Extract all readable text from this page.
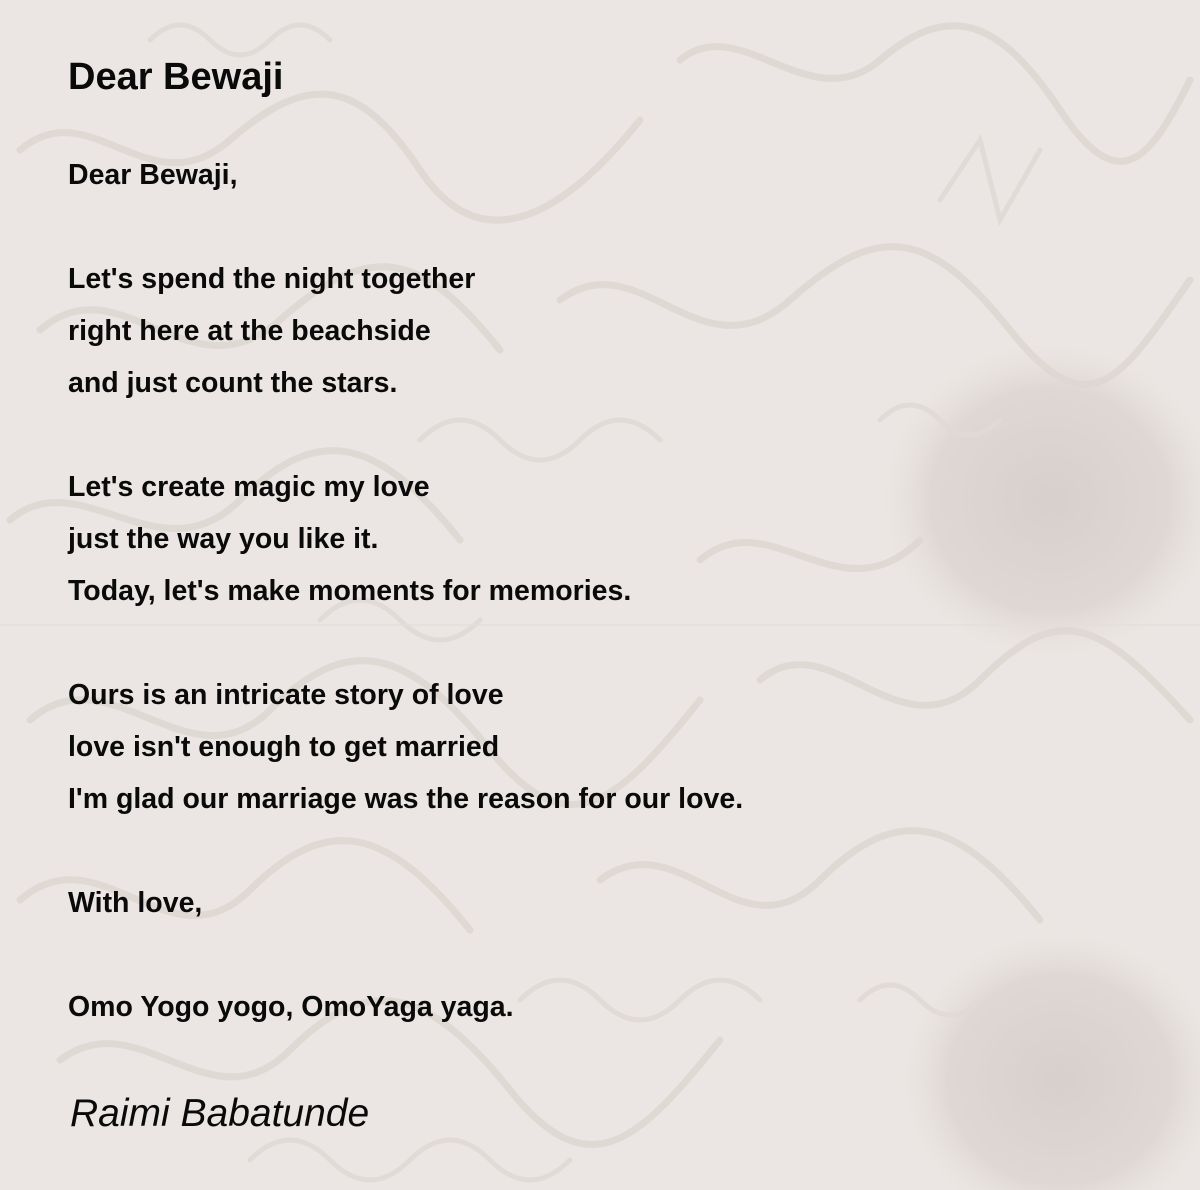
Dear Bewaji

Dear Bewaji,

Let's spend the night together

right here at the beachside

and just count the stars.

Let's create magic my love

just the way you like it.

Today, let's make moments for memories.

Ours is an intricate story of love

love isn't enough to get married

I'm glad our marriage was the reason for our love.

With love,

Omo Yogo yogo, OmoYaga yaga.

Raimi Babatunde
